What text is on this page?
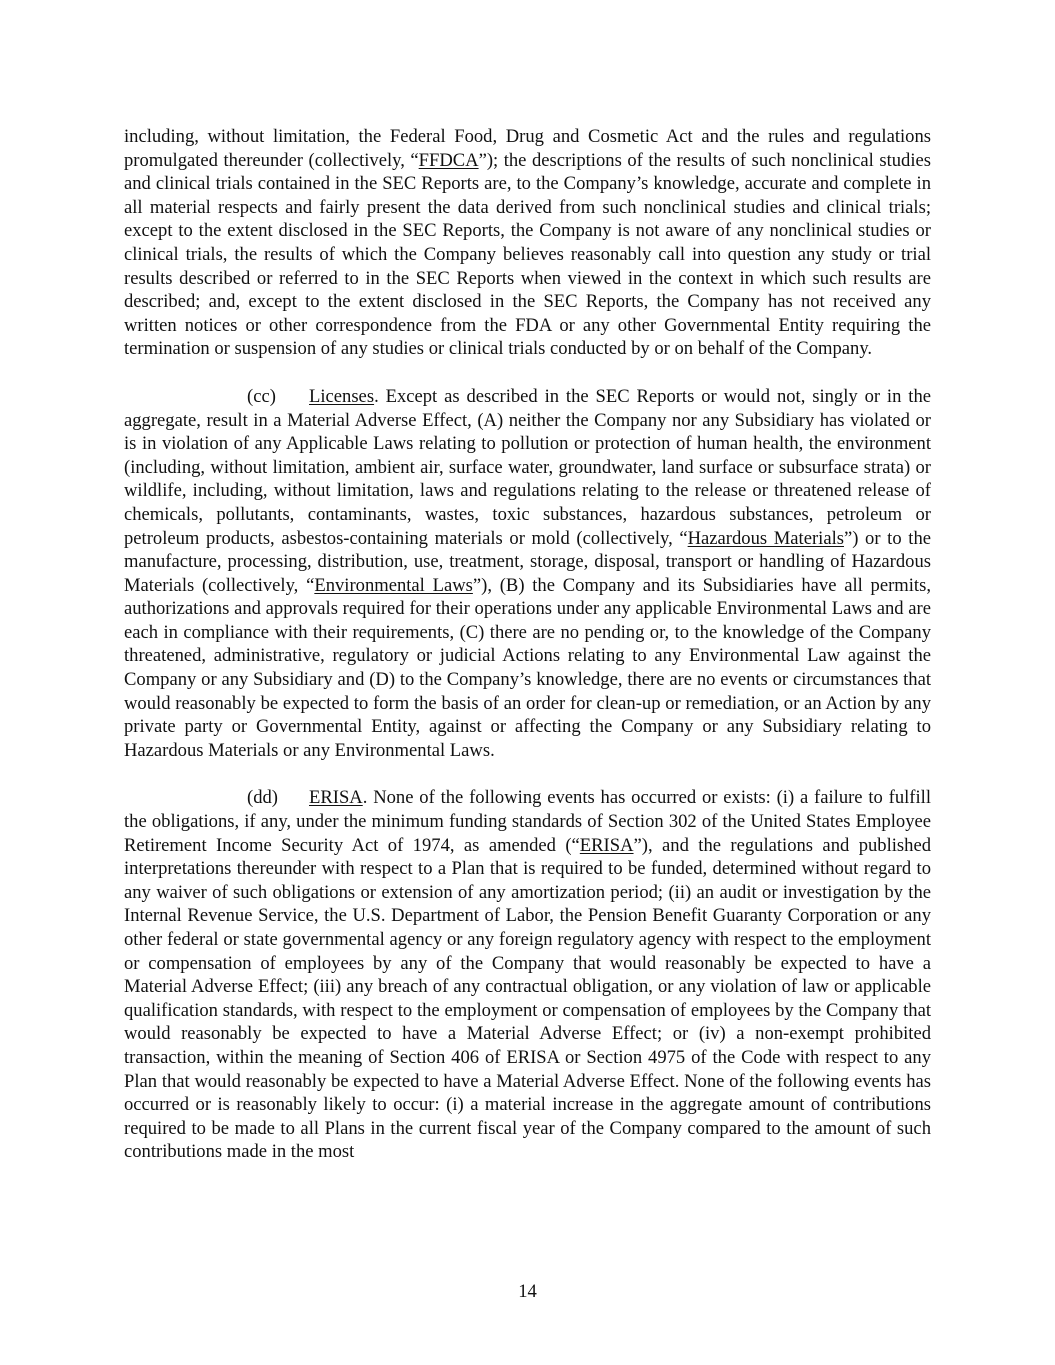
including, without limitation, the Federal Food, Drug and Cosmetic Act and the rules and regulations promulgated thereunder (collectively, “FFDCA”); the descriptions of the results of such nonclinical studies and clinical trials contained in the SEC Reports are, to the Company’s knowledge, accurate and complete in all material respects and fairly present the data derived from such nonclinical studies and clinical trials; except to the extent disclosed in the SEC Reports, the Company is not aware of any nonclinical studies or clinical trials, the results of which the Company believes reasonably call into question any study or trial results described or referred to in the SEC Reports when viewed in the context in which such results are described; and, except to the extent disclosed in the SEC Reports, the Company has not received any written notices or other correspondence from the FDA or any other Governmental Entity requiring the termination or suspension of any studies or clinical trials conducted by or on behalf of the Company.

(cc) Licenses. Except as described in the SEC Reports or would not, singly or in the aggregate, result in a Material Adverse Effect, (A) neither the Company nor any Subsidiary has violated or is in violation of any Applicable Laws relating to pollution or protection of human health, the environment (including, without limitation, ambient air, surface water, groundwater, land surface or subsurface strata) or wildlife, including, without limitation, laws and regulations relating to the release or threatened release of chemicals, pollutants, contaminants, wastes, toxic substances, hazardous substances, petroleum or petroleum products, asbestos-containing materials or mold (collectively, “Hazardous Materials”) or to the manufacture, processing, distribution, use, treatment, storage, disposal, transport or handling of Hazardous Materials (collectively, “Environmental Laws”), (B) the Company and its Subsidiaries have all permits, authorizations and approvals required for their operations under any applicable Environmental Laws and are each in compliance with their requirements, (C) there are no pending or, to the knowledge of the Company threatened, administrative, regulatory or judicial Actions relating to any Environmental Law against the Company or any Subsidiary and (D) to the Company’s knowledge, there are no events or circumstances that would reasonably be expected to form the basis of an order for clean-up or remediation, or an Action by any private party or Governmental Entity, against or affecting the Company or any Subsidiary relating to Hazardous Materials or any Environmental Laws.

(dd) ERISA. None of the following events has occurred or exists: (i) a failure to fulfill the obligations, if any, under the minimum funding standards of Section 302 of the United States Employee Retirement Income Security Act of 1974, as amended (“ERISA”), and the regulations and published interpretations thereunder with respect to a Plan that is required to be funded, determined without regard to any waiver of such obligations or extension of any amortization period; (ii) an audit or investigation by the Internal Revenue Service, the U.S. Department of Labor, the Pension Benefit Guaranty Corporation or any other federal or state governmental agency or any foreign regulatory agency with respect to the employment or compensation of employees by any of the Company that would reasonably be expected to have a Material Adverse Effect; (iii) any breach of any contractual obligation, or any violation of law or applicable qualification standards, with respect to the employment or compensation of employees by the Company that would reasonably be expected to have a Material Adverse Effect; or (iv) a non-exempt prohibited transaction, within the meaning of Section 406 of ERISA or Section 4975 of the Code with respect to any Plan that would reasonably be expected to have a Material Adverse Effect. None of the following events has occurred or is reasonably likely to occur: (i) a material increase in the aggregate amount of contributions required to be made to all Plans in the current fiscal year of the Company compared to the amount of such contributions made in the most

14
